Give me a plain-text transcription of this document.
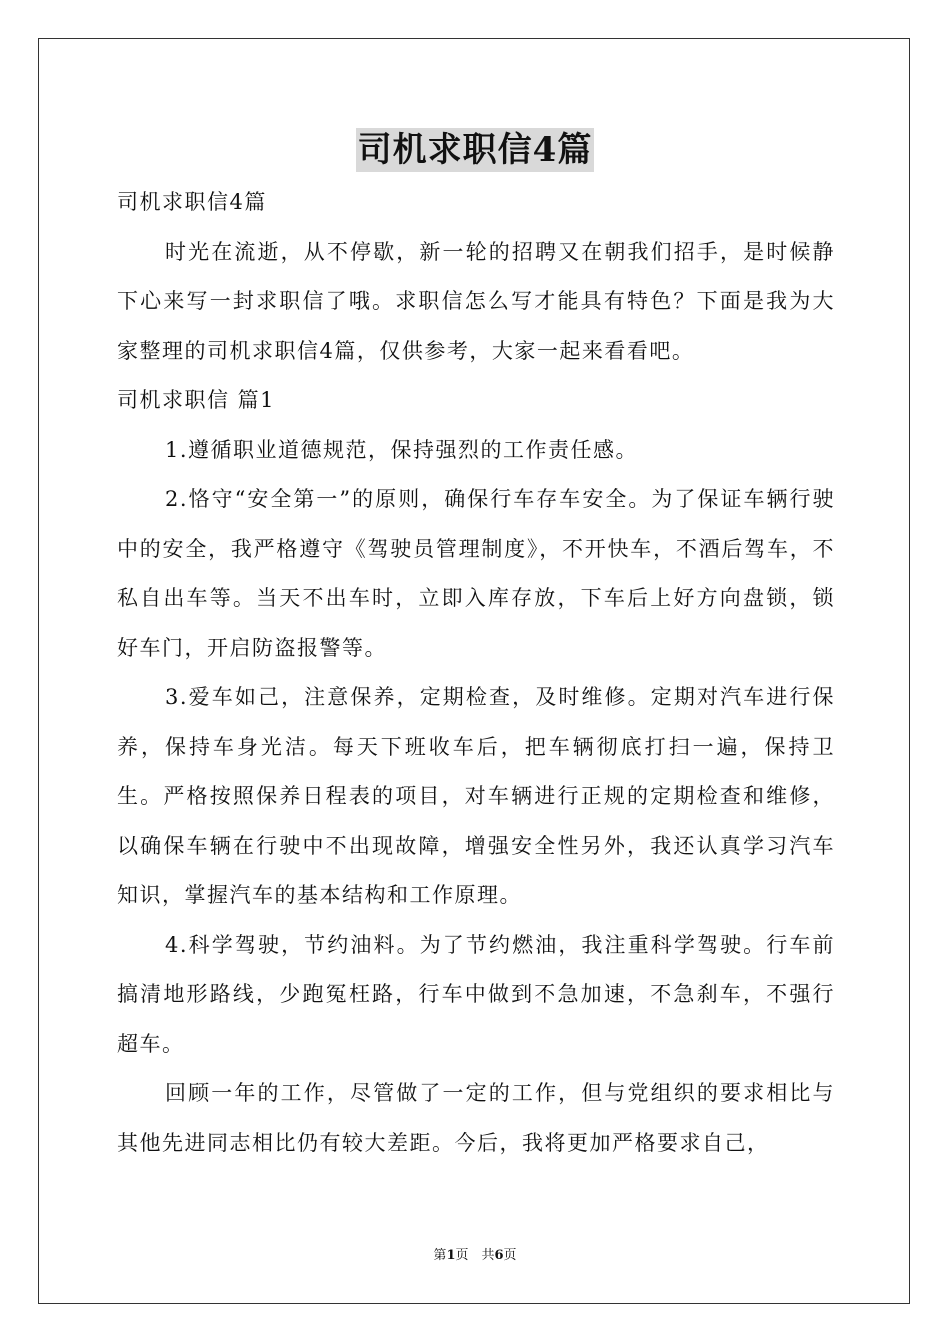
司机求职信4篇

司机求职信4篇

时光在流逝，从不停歇，新一轮的招聘又在朝我们招手，是时候静下心来写一封求职信了哦。求职信怎么写才能具有特色？下面是我为大家整理的司机求职信4篇，仅供参考，大家一起来看看吧。

司机求职信 篇1

1.遵循职业道德规范，保持强烈的工作责任感。

2.恪守“安全第一”的原则，确保行车存车安全。为了保证车辆行驶中的安全，我严格遵守《驾驶员管理制度》，不开快车，不酒后驾车，不私自出车等。当天不出车时，立即入库存放，下车后上好方向盘锁，锁好车门，开启防盗报警等。

3.爱车如己，注意保养，定期检查，及时维修。定期对汽车进行保养，保持车身光洁。每天下班收车后，把车辆彻底打扫一遍，保持卫生。严格按照保养日程表的项目，对车辆进行正规的定期检查和维修，以确保车辆在行驶中不出现故障，增强安全性另外，我还认真学习汽车知识，掌握汽车的基本结构和工作原理。

4.科学驾驶，节约油料。为了节约燃油，我注重科学驾驶。行车前搞清地形路线，少跑冤枉路，行车中做到不急加速，不急刹车，不强行超车。

回顾一年的工作，尽管做了一定的工作，但与党组织的要求相比与其他先进同志相比仍有较大差距。今后，我将更加严格要求自己，

第1页　共6页
